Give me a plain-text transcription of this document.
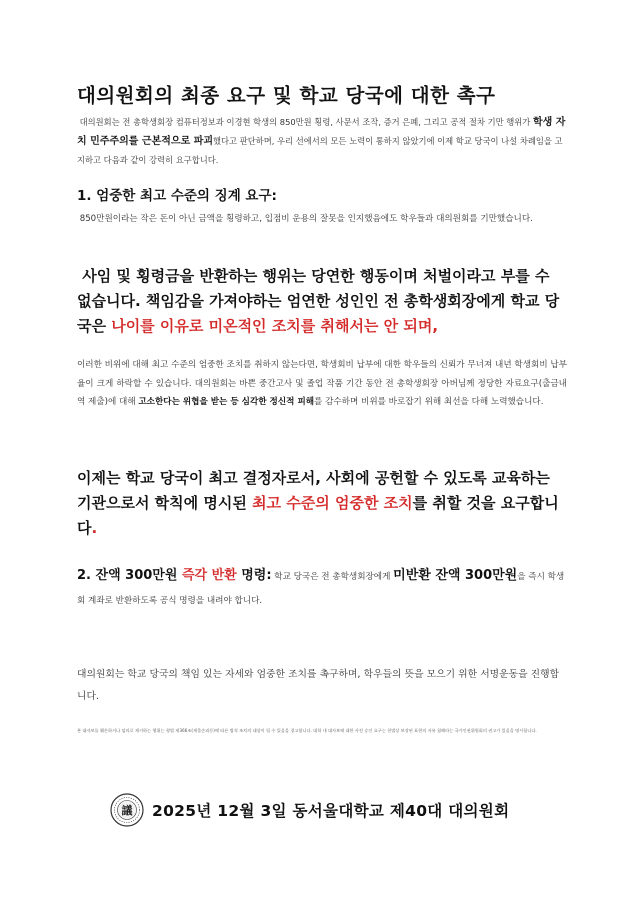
대의원회의 최종 요구 및 학교 당국에 대한 촉구
대의원회는 전 총학생회장 컴퓨터정보과 이경현 학생의 850만원 횡령, 사문서 조작, 증거 은폐, 그리고 공적 절차 기만 행위가 학생 자치 민주주의를 근본적으로 파괴했다고 판단하며, 우리 선에서의 모든 노력이 통하지 않았기에 이제 학교 당국이 나설 차례임을 고지하고 다음과 같이 강력히 요구합니다.
1. 엄중한 최고 수준의 징계 요구:
850만원이라는 작은 돈이 아닌 금액을 횡령하고, 입점비 운용의 잘못을 인지했음에도 학우들과 대의원회를 기만했습니다.
사임 및 횡령금을 반환하는 행위는 당연한 행동이며 처벌이라고 부를 수 없습니다. 책임감을 가져야하는 엄연한 성인인 전 총학생회장에게 학교 당국은 나이를 이유로 미온적인 조치를 취해서는 안 되며,
이러한 비위에 대해 최고 수준의 엄중한 조치를 취하지 않는다면, 학생회비 납부에 대한 학우들의 신뢰가 무너져 내년 학생회비 납부율이 크게 하락할 수 있습니다. 대의원회는 바쁜 중간고사 및 졸업 작품 기간 동안 전 총학생회장 아버님께 정당한 자료요구(출금내역 제출)에 대해 고소한다는 위협을 받는 등 심각한 정신적 피해를 감수하며 비위를 바로잡기 위해 최선을 다해 노력했습니다.
이제는 학교 당국이 최고 결정자로서, 사회에 공헌할 수 있도록 교육하는 기관으로서 학칙에 명시된 최고 수준의 엄중한 조치를 취할 것을 요구합니다.
2. 잔액 300만원 즉각 반환 명령: 학교 당국은 전 총학생회장에게 미반환 잔액 300만원을 즉시 학생회 계좌로 반환하도록 공식 명령을 내려야 합니다.
대의원회는 학교 당국의 책임 있는 자세와 엄중한 조치를 촉구하며, 학우들의 뜻을 모으기 위한 서명운동을 진행합니다.
본 대자보를 훼손하거나 임의로 제거하는 행위는 형법 제366조(재물손괴등)에 따른 법적 조치의 대상이 될 수 있음을 경고합니다. 대학 내 대자보에 대한 사전 승인 요구는 헌법상 보장된 표현의 자유 침해라는 국가인권위원회의 권고가 있음을 명시합니다.
議 2025년 12월 3일 동서울대학교 제40대 대의원회
